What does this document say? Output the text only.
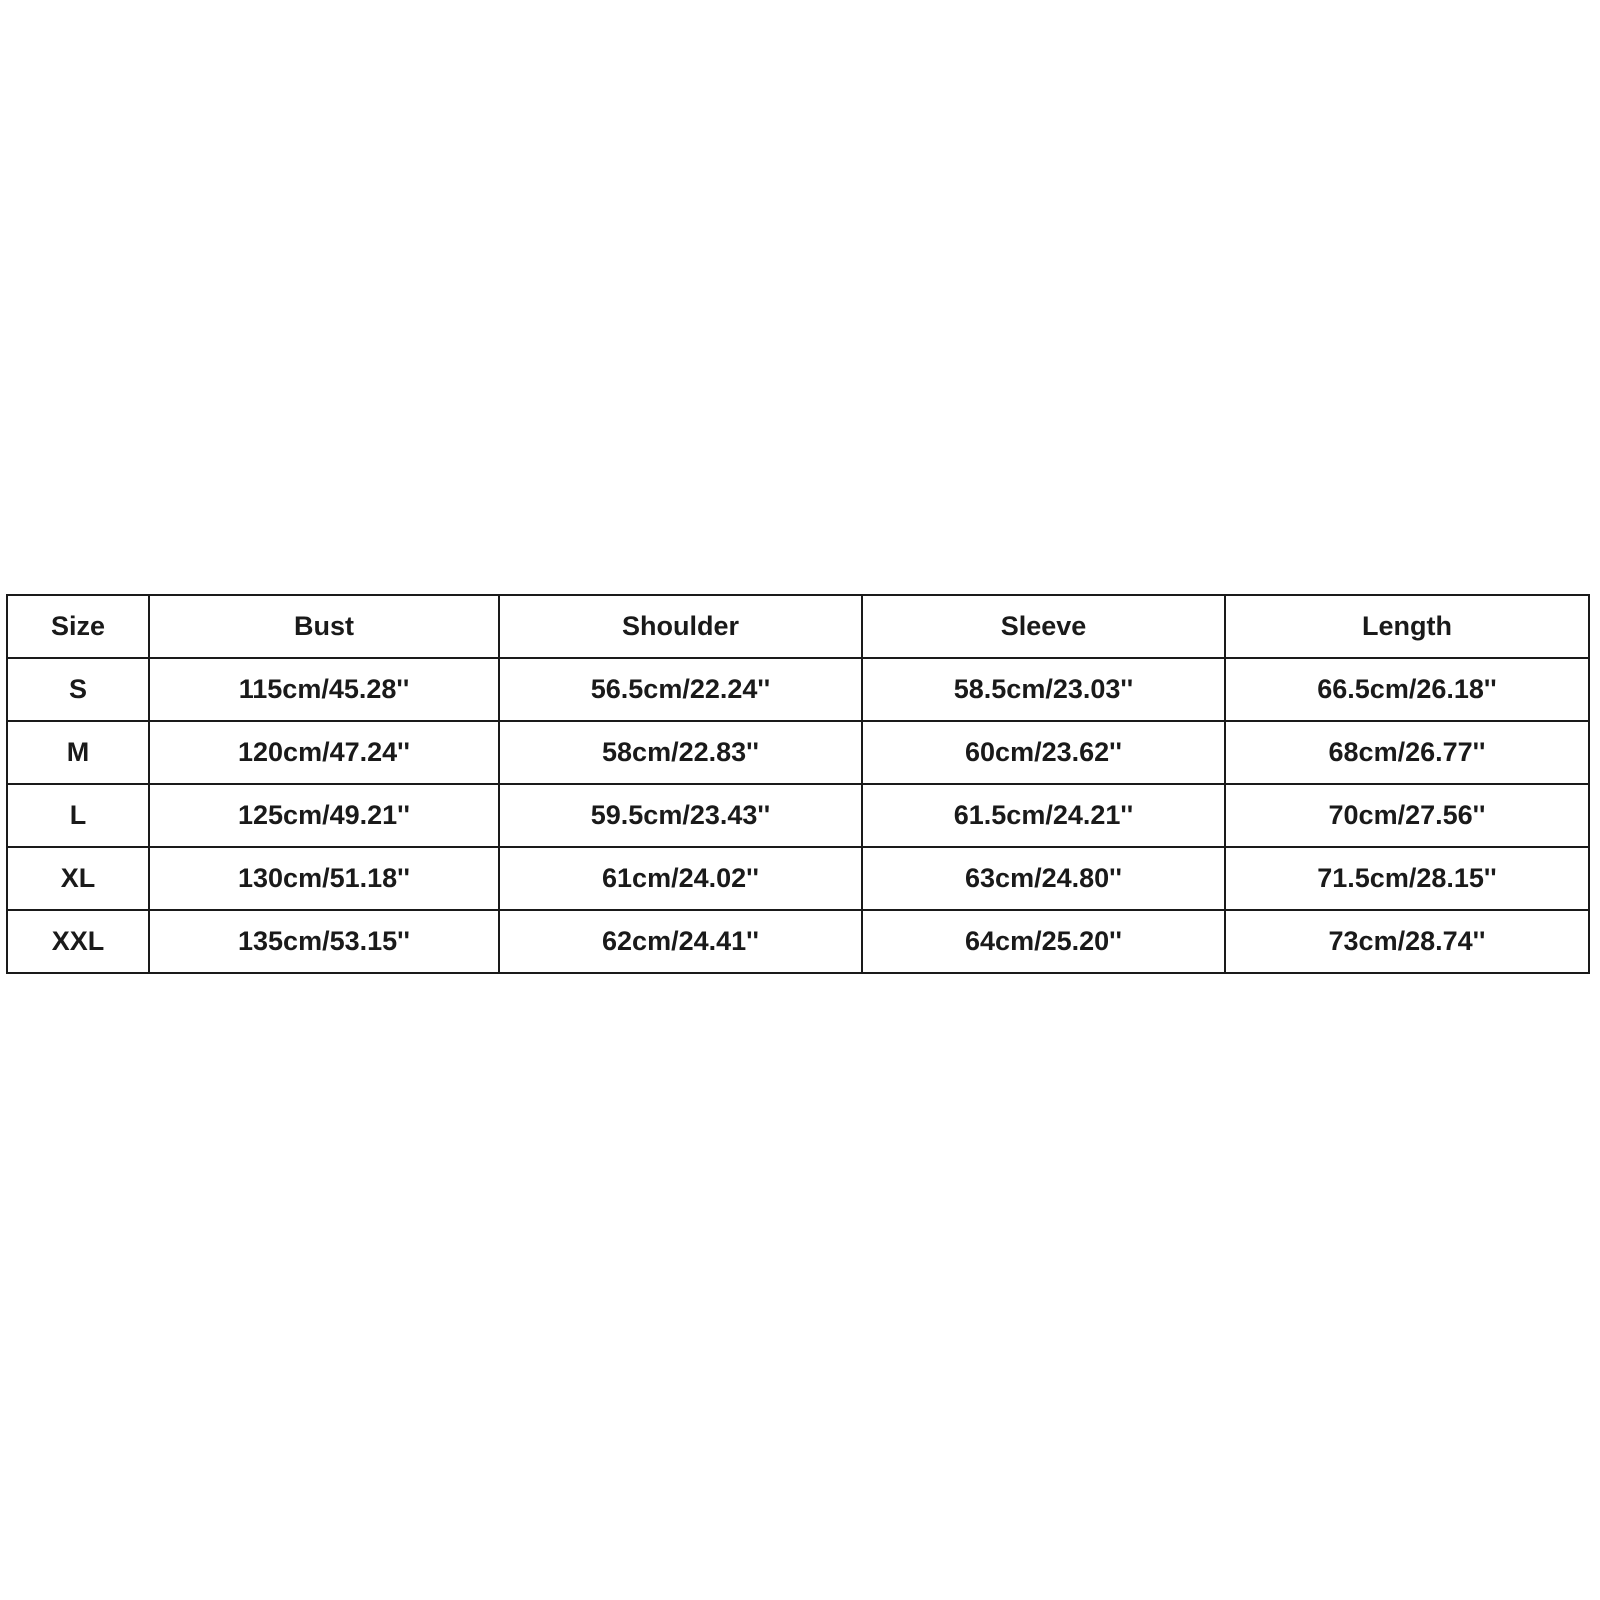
Size	Bust	Shoulder	Sleeve	Length
S	115cm/45.28''	56.5cm/22.24''	58.5cm/23.03''	66.5cm/26.18''
M	120cm/47.24''	58cm/22.83''	60cm/23.62''	68cm/26.77''
L	125cm/49.21''	59.5cm/23.43''	61.5cm/24.21''	70cm/27.56''
XL	130cm/51.18''	61cm/24.02''	63cm/24.80''	71.5cm/28.15''
XXL	135cm/53.15''	62cm/24.41''	64cm/25.20''	73cm/28.74''
